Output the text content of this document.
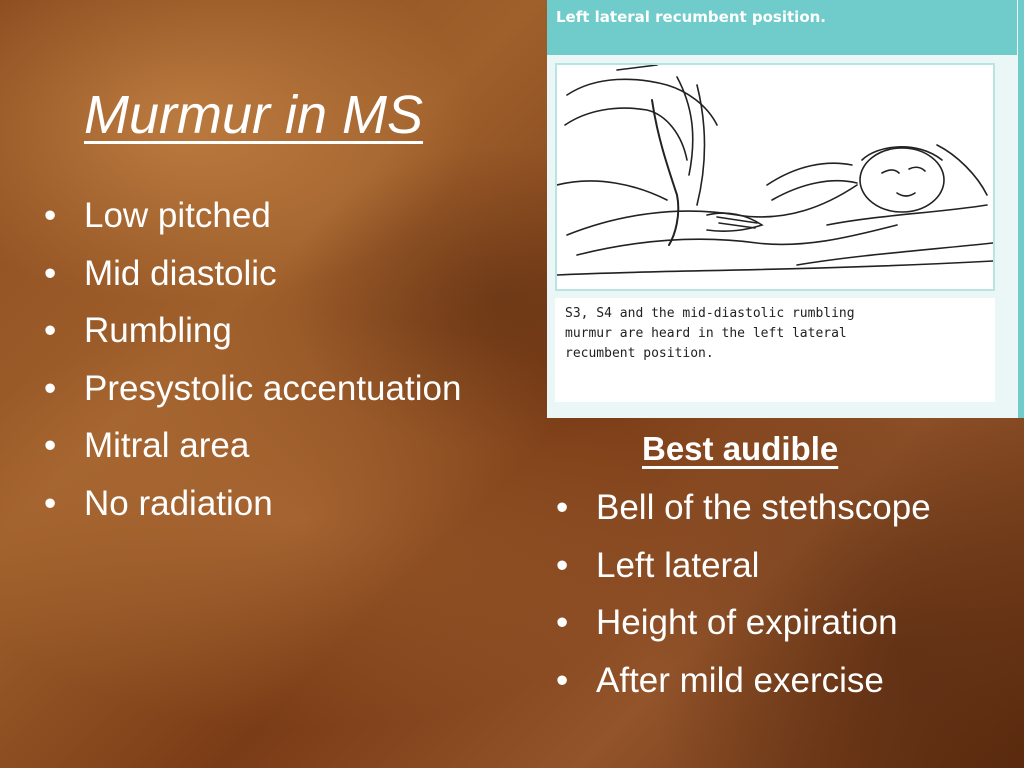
Murmur in MS
• Low pitched
• Mid diastolic
• Rumbling
• Presystolic accentuation
• Mitral area
• No radiation
Left lateral recumbent position.
S3, S4 and the mid-diastolic rumbling
murmur are heard in the left lateral
recumbent position.
Best audible
• Bell of the stethscope
• Left lateral
• Height of expiration
• After mild exercise
